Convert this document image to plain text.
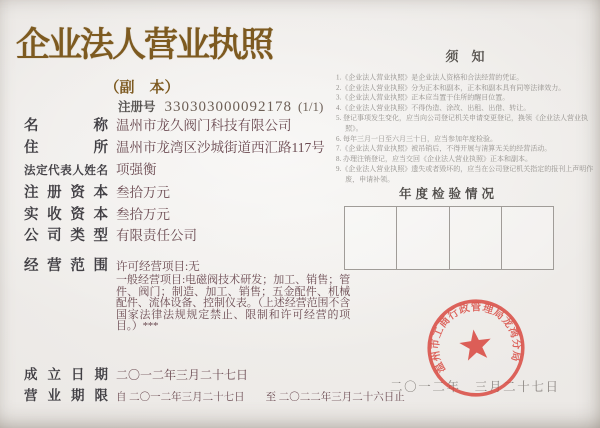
企业法人营业执照
（副　本）
注册号 330303000092178 (1/1)
名称 温州市龙久阀门科技有限公司
住所 温州市龙湾区沙城街道西汇路117号
法定代表人姓名 项强衡
注册资本 叁拾万元
实收资本 叁拾万元
公司类型 有限责任公司
经营范围 许可经营项目:无
一般经营项目:电磁阀技术研发；加工、销售；管件、阀门；制造、加工、销售；五金配件、机械配件、流体设备、控制仪表。（上述经营范围不含国家法律法规规定禁止、限制和许可经营的项目。）***
成立日期 二〇一二年三月二十七日
营业期限 自 二〇一二年三月二十七日　　至 二〇二二年三月二十六日止
须　知
1.《企业法人营业执照》是企业法人资格和合法经营的凭证。
2.《企业法人营业执照》分为正本和副本，正本和副本具有同等法律效力。
3.《企业法人营业执照》正本应当置于住所的醒目位置。
4.《企业法人营业执照》不得伪造、涂改、出租、出借、转让。
5. 登记事项发生变化，应当向公司登记机关申请变更登记，换领《企业法人营业执照》。
6. 每年三月一日至六月三十日，应当参加年度检验。
7.《企业法人营业执照》被吊销后，不得开展与清算无关的经营活动。
8. 办理注销登记，应当交回《企业法人营业执照》正本和副本。
9.《企业法人营业执照》遗失或者毁坏的，应当在公司登记机关指定的报刊上声明作废，申请补领。
年度检验情况
二〇一二年　三月二十七日
温州市工商行政管理局龙湾分局
